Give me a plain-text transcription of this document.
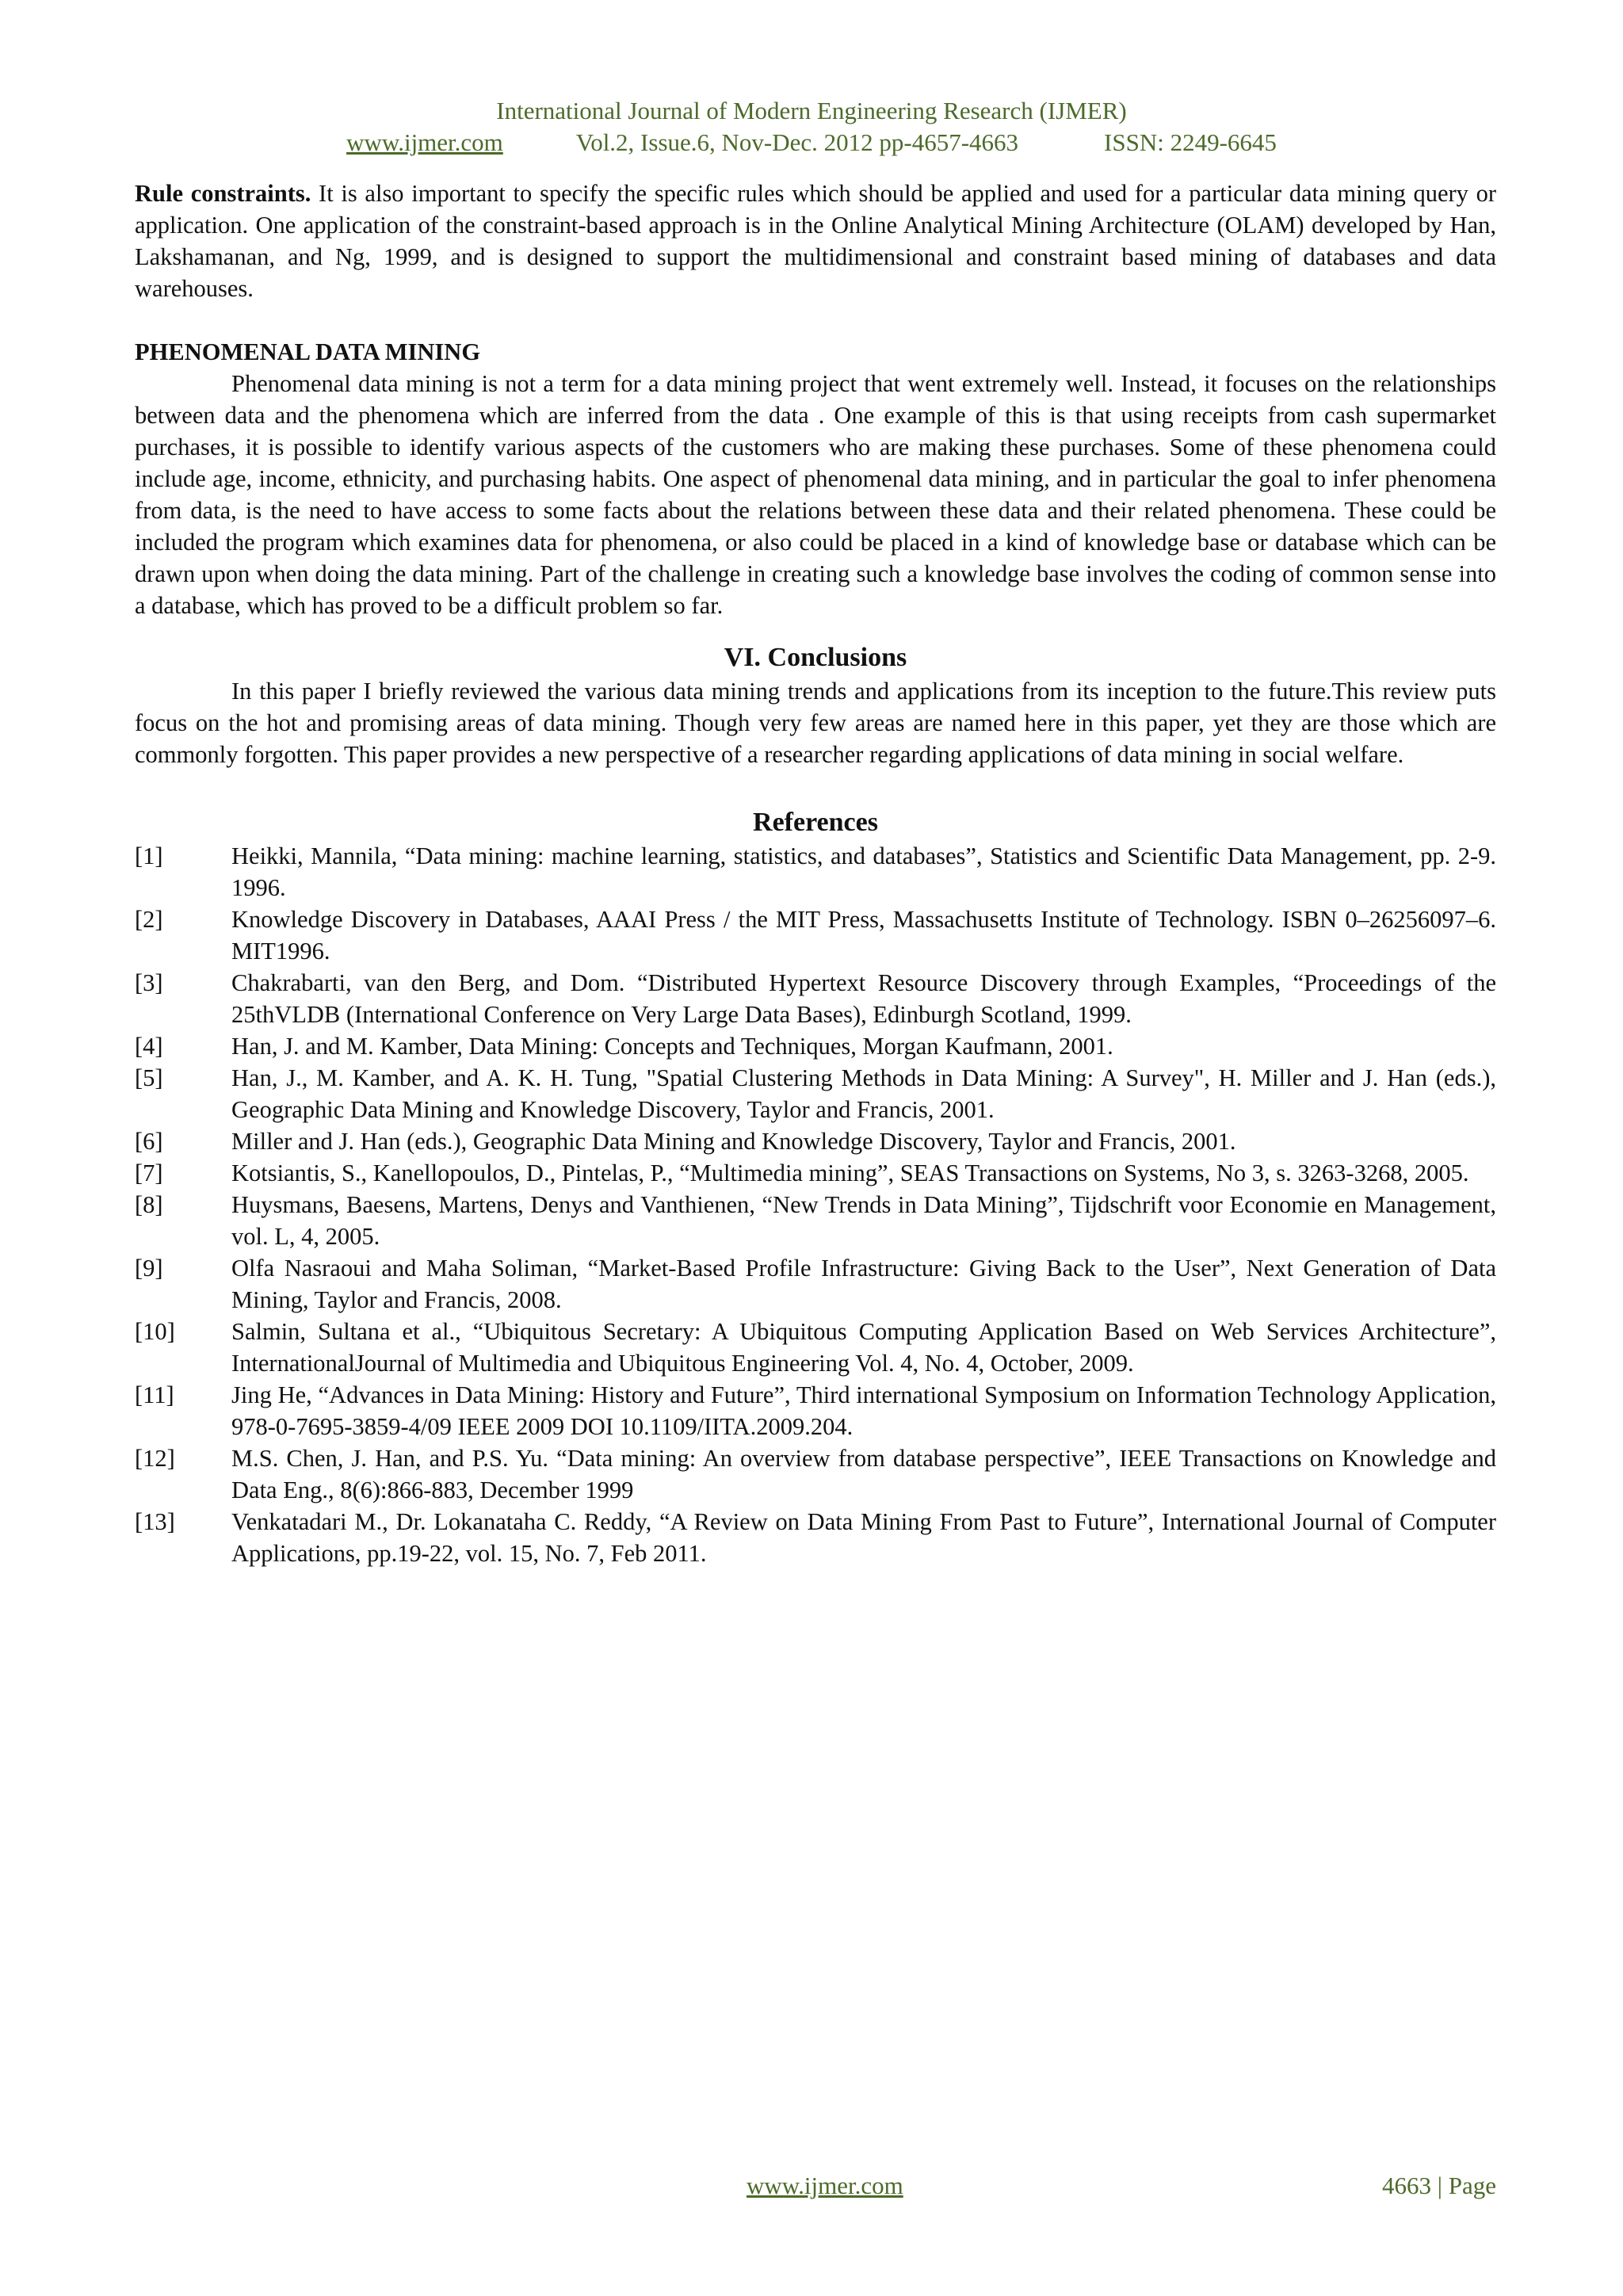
International Journal of Modern Engineering Research (IJMER)
www.ijmer.com	Vol.2, Issue.6, Nov-Dec. 2012 pp-4657-4663	ISSN: 2249-6645

Rule constraints. It is also important to specify the specific rules which should be applied and used for a particular data mining query or application. One application of the constraint-based approach is in the Online Analytical Mining Architecture (OLAM) developed by Han, Lakshamanan, and Ng, 1999, and is designed to support the multidimensional and constraint based mining of databases and data warehouses.

PHENOMENAL DATA MINING

Phenomenal data mining is not a term for a data mining project that went extremely well. Instead, it focuses on the relationships between data and the phenomena which are inferred from the data . One example of this is that using receipts from cash supermarket purchases, it is possible to identify various aspects of the customers who are making these purchases. Some of these phenomena could include age, income, ethnicity, and purchasing habits. One aspect of phenomenal data mining, and in particular the goal to infer phenomena from data, is the need to have access to some facts about the relations between these data and their related phenomena. These could be included the program which examines data for phenomena, or also could be placed in a kind of knowledge base or database which can be drawn upon when doing the data mining. Part of the challenge in creating such a knowledge base involves the coding of common sense into a database, which has proved to be a difficult problem so far.

VI. Conclusions

In this paper I briefly reviewed the various data mining trends and applications from its inception to the future.This review puts focus on the hot and promising areas of data mining. Though very few areas are named here in this paper, yet they are those which are commonly forgotten. This paper provides a new perspective of a researcher regarding applications of data mining in social welfare.

References

[1]	Heikki, Mannila, “Data mining: machine learning, statistics, and databases”, Statistics and Scientific Data Management, pp. 2-9. 1996.
[2]	Knowledge Discovery in Databases, AAAI Press / the MIT Press, Massachusetts Institute of Technology. ISBN 0–26256097–6. MIT1996.
[3]	Chakrabarti, van den Berg, and Dom. “Distributed Hypertext Resource Discovery through Examples, “Proceedings of the 25thVLDB (International Conference on Very Large Data Bases), Edinburgh Scotland, 1999.
[4]	Han, J. and M. Kamber, Data Mining: Concepts and Techniques, Morgan Kaufmann, 2001.
[5]	Han, J., M. Kamber, and A. K. H. Tung, "Spatial Clustering Methods in Data Mining: A Survey", H. Miller and J. Han (eds.), Geographic Data Mining and Knowledge Discovery, Taylor and Francis, 2001.
[6]	Miller and J. Han (eds.), Geographic Data Mining and Knowledge Discovery, Taylor and Francis, 2001.
[7]	Kotsiantis, S., Kanellopoulos, D., Pintelas, P., “Multimedia mining”, SEAS Transactions on Systems, No 3, s. 3263-3268, 2005.
[8]	Huysmans, Baesens, Martens, Denys and Vanthienen, “New Trends in Data Mining”, Tijdschrift voor Economie en Management, vol. L, 4, 2005.
[9]	Olfa Nasraoui and Maha Soliman, “Market-Based Profile Infrastructure: Giving Back to the User”, Next Generation of Data Mining, Taylor and Francis, 2008.
[10]	Salmin, Sultana et al., “Ubiquitous Secretary: A Ubiquitous Computing Application Based on Web Services Architecture”, InternationalJournal of Multimedia and Ubiquitous Engineering Vol. 4, No. 4, October, 2009.
[11]	Jing He, “Advances in Data Mining: History and Future”, Third international Symposium on Information Technology Application, 978-0-7695-3859-4/09 IEEE 2009 DOI 10.1109/IITA.2009.204.
[12]	M.S. Chen, J. Han, and P.S. Yu. “Data mining: An overview from database perspective”, IEEE Transactions on Knowledge and Data Eng., 8(6):866-883, December 1999
[13]	Venkatadari M., Dr. Lokanataha C. Reddy, “A Review on Data Mining From Past to Future”, International Journal of Computer Applications, pp.19-22, vol. 15, No. 7, Feb 2011.
www.ijmer.com	4663 | Page
